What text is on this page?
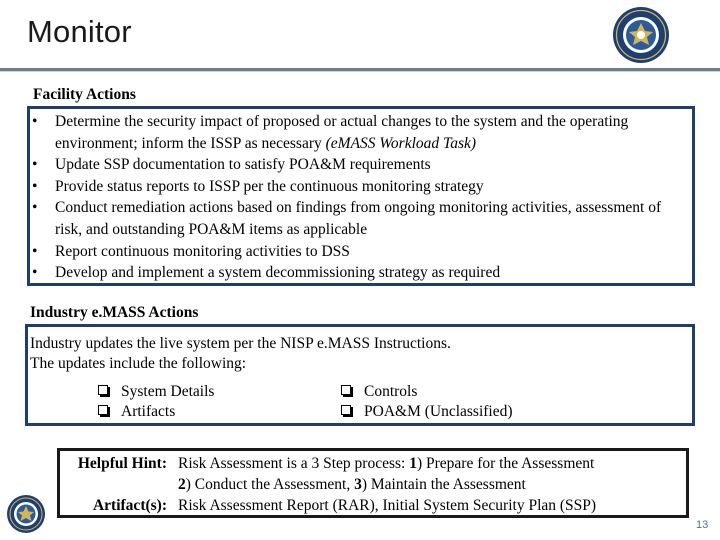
Monitor
Facility Actions
• Determine the security impact of proposed or actual changes to the system and the operating environment; inform the ISSP as necessary (eMASS Workload Task)
• Update SSP documentation to satisfy POA&M requirements
• Provide status reports to ISSP per the continuous monitoring strategy
• Conduct remediation actions based on findings from ongoing monitoring activities, assessment of risk, and outstanding POA&M items as applicable
• Report continuous monitoring activities to DSS
• Develop and implement a system decommissioning strategy as required
Industry e.MASS Actions
Industry updates the live system per the NISP e.MASS Instructions.
The updates include the following:
System Details
Artifacts
Controls
POA&M (Unclassified)
Helpful Hint: Risk Assessment is a 3 Step process: 1) Prepare for the Assessment
2) Conduct the Assessment, 3) Maintain the Assessment
Artifact(s): Risk Assessment Report (RAR), Initial System Security Plan (SSP)
13
